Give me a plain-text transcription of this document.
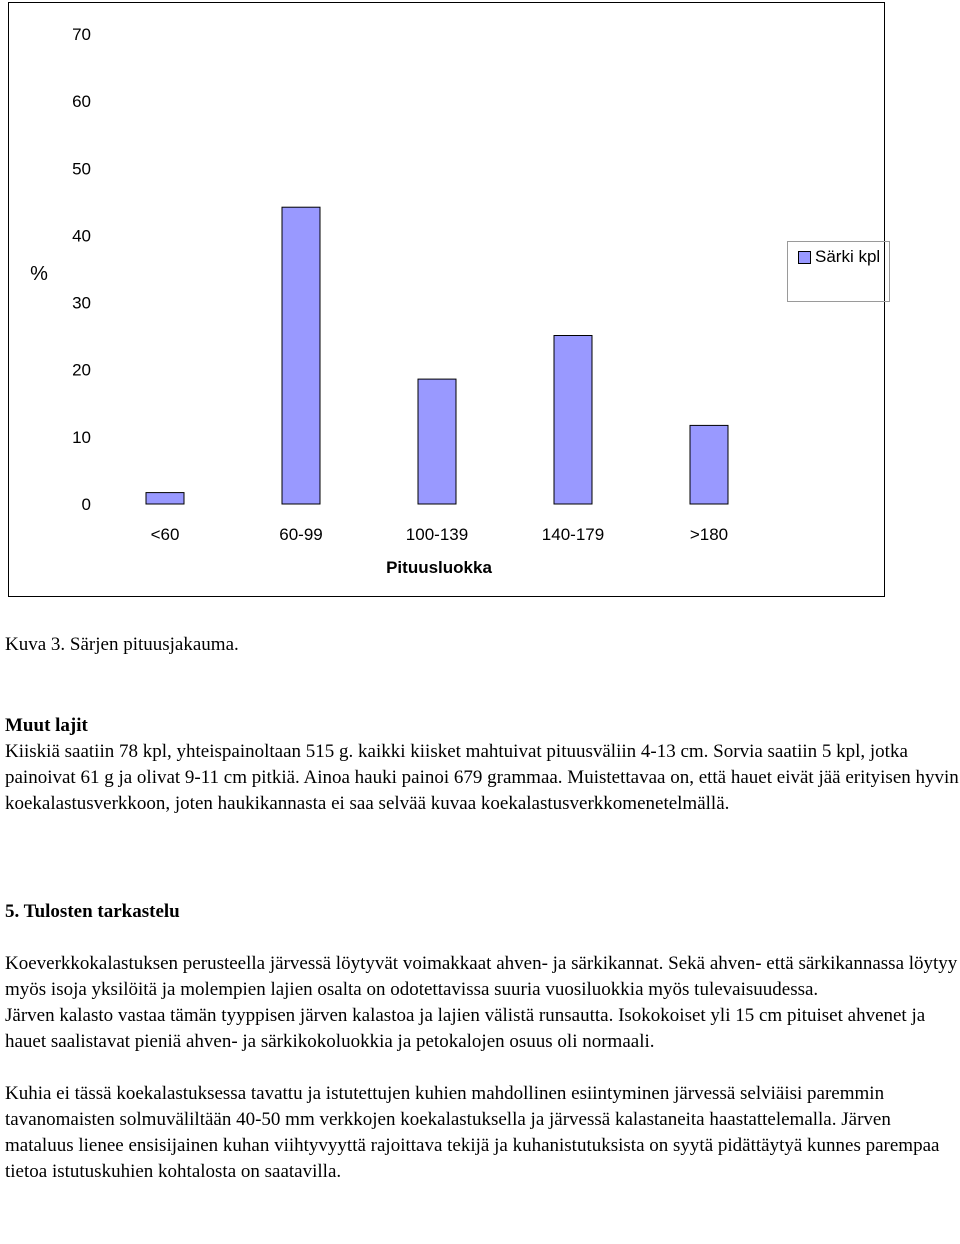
0
10
20
30
40
50
60
70
%
<60	60-99	100-139	140-179	>180
Pituusluokka
Särki kpl
Kuva 3. Särjen pituusjakauma.

Muut lajit

Kiiskiä saatiin 78 kpl, yhteispainoltaan 515 g. kaikki kiisket mahtuivat pituusväliin 4-13 cm. Sorvia saatiin 5 kpl, jotka painoivat 61 g ja olivat 9-11 cm pitkiä. Ainoa hauki painoi 679 grammaa. Muistettavaa on, että hauet eivät jää erityisen hyvin koekalastusverkkoon, joten haukikannasta ei saa selvää kuvaa koekalastusverkkomenetelmällä.

5. Tulosten tarkastelu

Koeverkkokalastuksen perusteella järvessä löytyvät voimakkaat ahven- ja särkikannat. Sekä ahven- että särkikannassa löytyy myös isoja yksilöitä ja molempien lajien osalta on odotettavissa suuria vuosiluokkia myös tulevaisuudessa.

Järven kalasto vastaa tämän tyyppisen järven kalastoa ja lajien välistä runsautta. Isokokoiset yli 15 cm pituiset ahvenet ja hauet saalistavat pieniä ahven- ja särkikokoluokkia ja petokalojen osuus oli normaali.

Kuhia ei tässä koekalastuksessa tavattu ja istutettujen kuhien mahdollinen esiintyminen järvessä selviäisi paremmin tavanomaisten solmuväliltään 40-50 mm verkkojen koekalastuksella ja järvessä kalastaneita haastattelemalla. Järven mataluus lienee ensisijainen kuhan viihtyvyyttä rajoittava tekijä ja kuhanistutuksista on syytä pidättäytyä kunnes parempaa tietoa istutuskuhien kohtalosta on saatavilla.
